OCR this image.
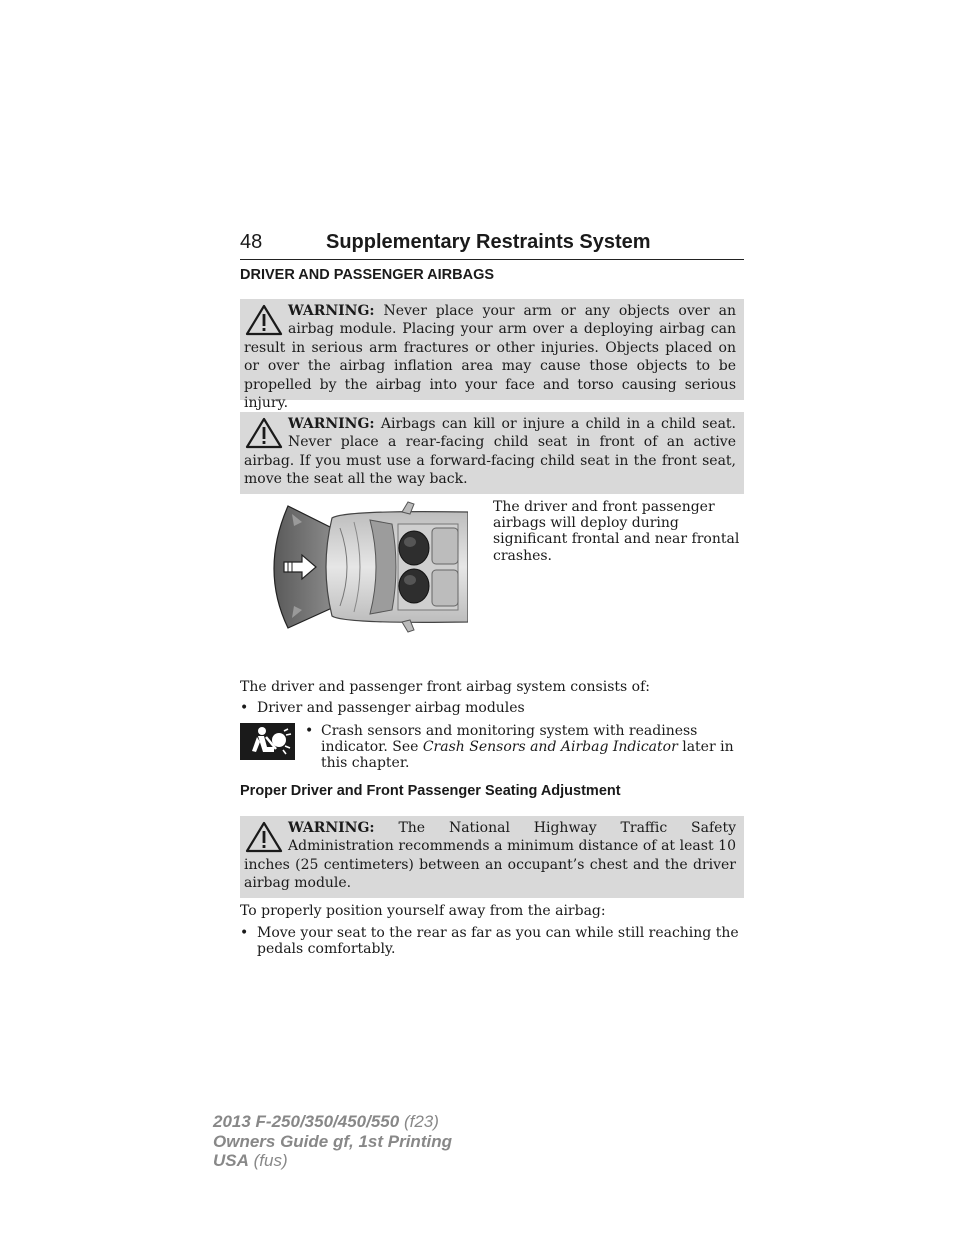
48	Supplementary Restraints System
DRIVER AND PASSENGER AIRBAGS
WARNING: Never place your arm or any objects over an airbag module. Placing your arm over a deploying airbag can result in serious arm fractures or other injuries. Objects placed on or over the airbag inflation area may cause those objects to be propelled by the airbag into your face and torso causing serious injury.
WARNING: Airbags can kill or injure a child in a child seat. Never place a rear-facing child seat in front of an active airbag. If you must use a forward-facing child seat in the front seat, move the seat all the way back.
The driver and front passenger airbags will deploy during significant frontal and near frontal crashes.
The driver and passenger front airbag system consists of:
• Driver and passenger airbag modules
• Crash sensors and monitoring system with readiness indicator. See Crash Sensors and Airbag Indicator later in this chapter.
Proper Driver and Front Passenger Seating Adjustment
WARNING: The National Highway Traffic Safety Administration recommends a minimum distance of at least 10 inches (25 centimeters) between an occupant’s chest and the driver airbag module.
To properly position yourself away from the airbag:
• Move your seat to the rear as far as you can while still reaching the pedals comfortably.
2013 F-250/350/450/550 (f23)
Owners Guide gf, 1st Printing
USA (fus)
